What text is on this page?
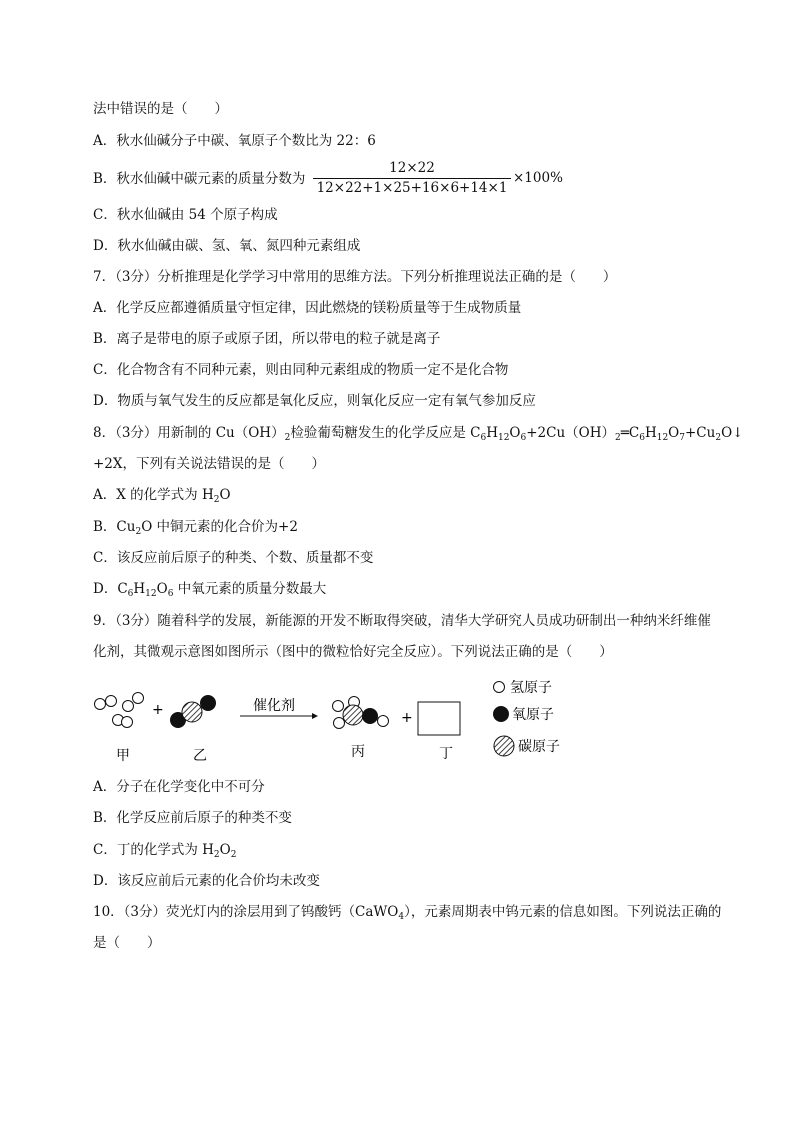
法中错误的是（　　）
A．秋水仙碱分子中碳、氧原子个数比为 22：6
B．秋水仙碱中碳元素的质量分数为
12×22
12×22+1×25+16×6+14×1
×100%
C．秋水仙碱由 54 个原子构成
D．秋水仙碱由碳、氢、氧、氮四种元素组成
7．（3分）分析推理是化学学习中常用的思维方法。下列分析推理说法正确的是（　　）
A．化学反应都遵循质量守恒定律，因此燃烧的镁粉质量等于生成物质量
B．离子是带电的原子或原子团，所以带电的粒子就是离子
C．化合物含有不同种元素，则由同种元素组成的物质一定不是化合物
D．物质与氧气发生的反应都是氧化反应，则氧化反应一定有氧气参加反应
8．（3分）用新制的 $Cu(OH)_2$检验葡萄糖发生的化学反应是 $C_6H_{12}O_6+2Cu(OH)_2═C_6H_{12}O_7+Cu_2O↓$
+2X，下列有关说法错误的是（　　）
A．X 的化学式为 $H_2O$
B．$Cu_2O$ 中铜元素的化合价为+2
C．该反应前后原子的种类、个数、质量都不变
D．$C_6H_{12}O_6$ 中氧元素的质量分数最大
9．（3分）随着科学的发展，新能源的开发不断取得突破，清华大学研究人员成功研制出一种纳米纤维催
化剂，其微观示意图如图所示（图中的微粒恰好完全反应）。下列说法正确的是（　　）
甲
+
乙
催化剂
丙
+
丁
氢原子
氧原子
碳原子
A．分子在化学变化中不可分
B．化学反应前后原子的种类不变
C．丁的化学式为 $H_2O_2$
D．该反应前后元素的化合价均未改变
10．（3分）荧光灯内的涂层用到了钨酸钙（CaWO$_4$），元素周期表中钨元素的信息如图。下列说法正确的
是（　　）
